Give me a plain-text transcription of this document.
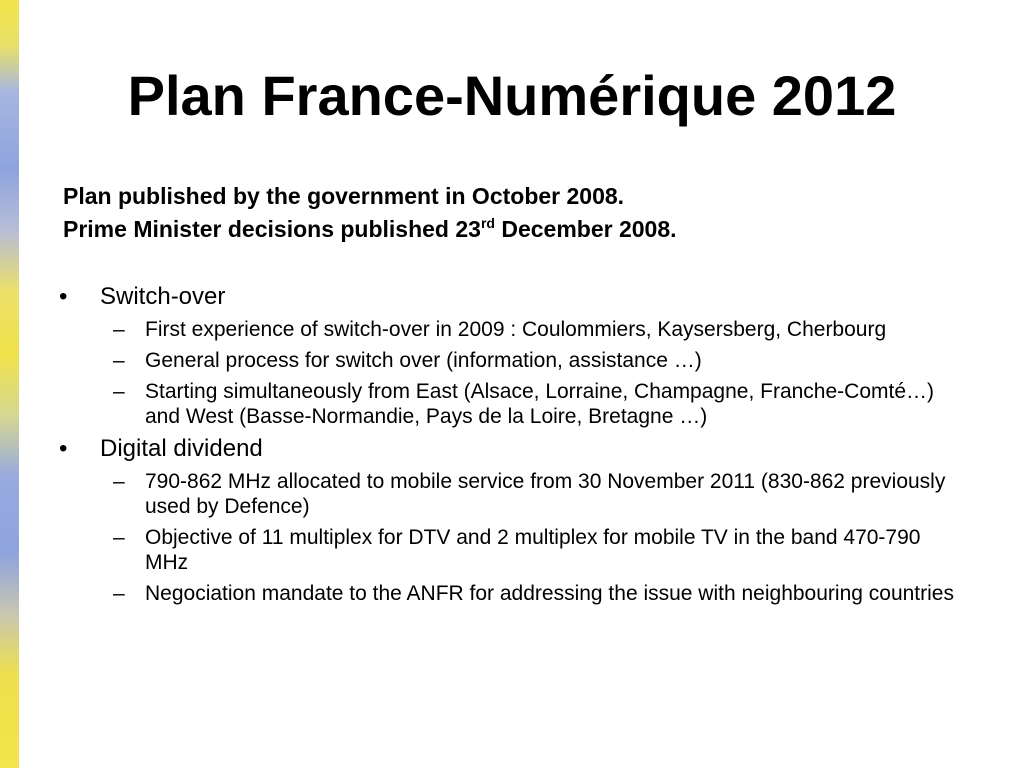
Plan France-Numérique 2012
Plan published by the government in October 2008.
Prime Minister decisions published 23rd December 2008.
• Switch-over
– First experience of switch-over in 2009 : Coulommiers, Kaysersberg, Cherbourg
– General process for switch over (information, assistance …)
– Starting simultaneously from East (Alsace, Lorraine, Champagne, Franche-Comté…) and West (Basse-Normandie, Pays de la Loire, Bretagne …)
• Digital dividend
– 790-862 MHz allocated to mobile service from 30 November 2011 (830-862 previously used by Defence)
– Objective of 11 multiplex for DTV and 2 multiplex for mobile TV in the band 470-790 MHz
– Negociation mandate to the ANFR for addressing the issue with neighbouring countries
